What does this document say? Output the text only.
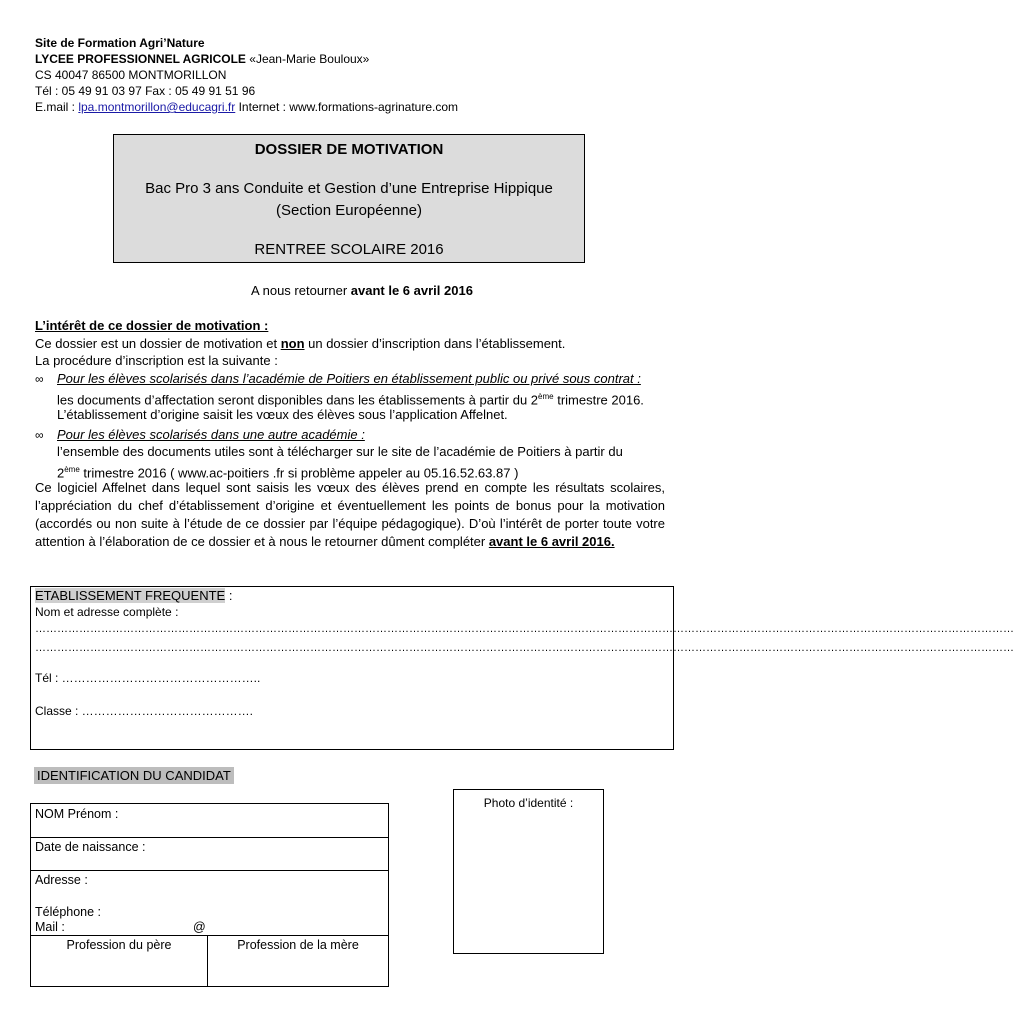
Site de Formation Agri’Nature
LYCEE PROFESSIONNEL AGRICOLE «Jean-Marie Bouloux»
CS 40047 86500 MONTMORILLON
Tél : 05 49 91 03 97 Fax : 05 49 91 51 96
E.mail : lpa.montmorillon@educagri.fr Internet : www.formations-agrinature.com
DOSSIER DE MOTIVATION
Bac Pro 3 ans Conduite et Gestion d’une Entreprise Hippique
(Section Européenne)
RENTREE SCOLAIRE 2016
A nous retourner avant le 6 avril 2016
L’intérêt de ce dossier de motivation :
Ce dossier est un dossier de motivation et non un dossier d’inscription dans l’établissement.
La procédure d’inscription est la suivante :
∞ Pour les élèves scolarisés dans l’académie de Poitiers en établissement public ou privé sous contrat :
les documents d’affectation seront disponibles dans les établissements à partir du 2ème trimestre 2016.
L’établissement d’origine saisit les vœux des élèves sous l’application Affelnet.
∞ Pour les élèves scolarisés dans une autre académie :
l’ensemble des documents utiles sont à télécharger sur le site de l’académie de Poitiers à partir du
2ème trimestre 2016 ( www.ac-poitiers .fr si problème appeler au 05.16.52.63.87 )
Ce logiciel Affelnet dans lequel sont saisis les vœux des élèves prend en compte les résultats scolaires, l’appréciation du chef d’établissement d’origine et éventuellement les points de bonus pour la motivation (accordés ou non suite à l’étude de ce dossier par l’équipe pédagogique). D’où l’intérêt de porter toute votre attention à l’élaboration de ce dossier et à nous le retourner dûment compléter avant le 6 avril 2016.
ETABLISSEMENT FREQUENTE :
Nom et adresse complète :
……………………………………………………………………………………………………………………………………………………………………………………………………………………………………………
……………………………………………………………………………………………………………………………………………………………………………………………………………………………………………
Tél : …………………………………………..
Classe : …………………………………….
IDENTIFICATION DU CANDIDAT
NOM Prénom :
Date de naissance :
Adresse :
Téléphone :
Mail :	@
Profession du père	Profession de la mère
Photo d’identité :
